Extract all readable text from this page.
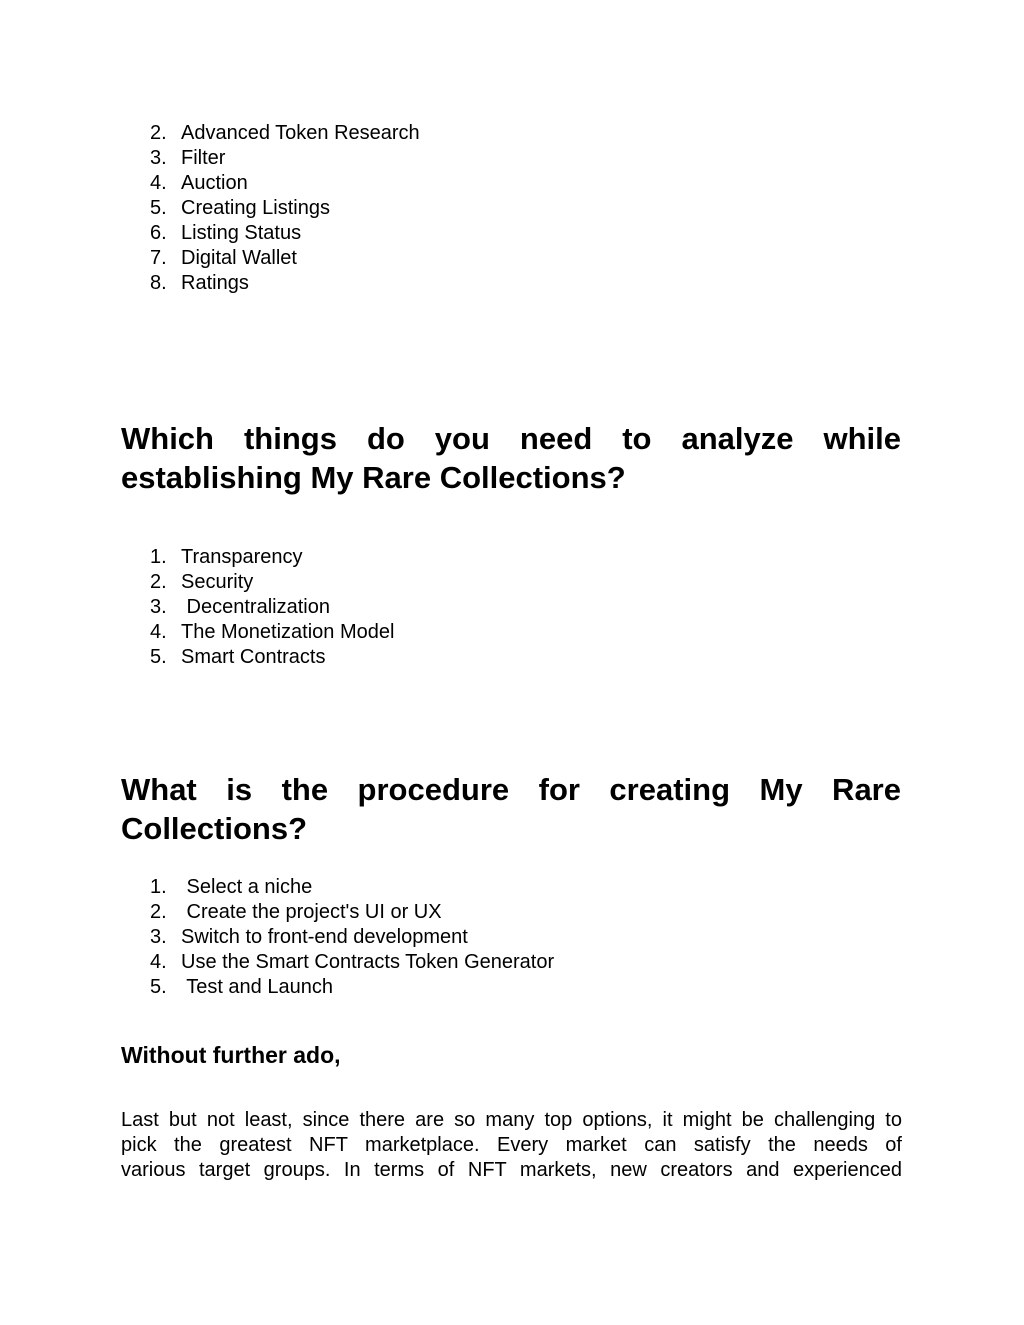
2. Advanced Token Research
3. Filter
4. Auction
5. Creating Listings
6. Listing Status
7. Digital Wallet
8. Ratings
Which things do you need to analyze while establishing My Rare Collections?
1. Transparency
2. Security
3. Decentralization
4. The Monetization Model
5. Smart Contracts
What is the procedure for creating My Rare Collections?
1. Select a niche
2. Create the project's UI or UX
3. Switch to front-end development
4. Use the Smart Contracts Token Generator
5. Test and Launch
Without further ado,

Last but not least, since there are so many top options, it might be challenging to

pick the greatest NFT marketplace. Every market can satisfy the needs of

various target groups. In terms of NFT markets, new creators and experienced
